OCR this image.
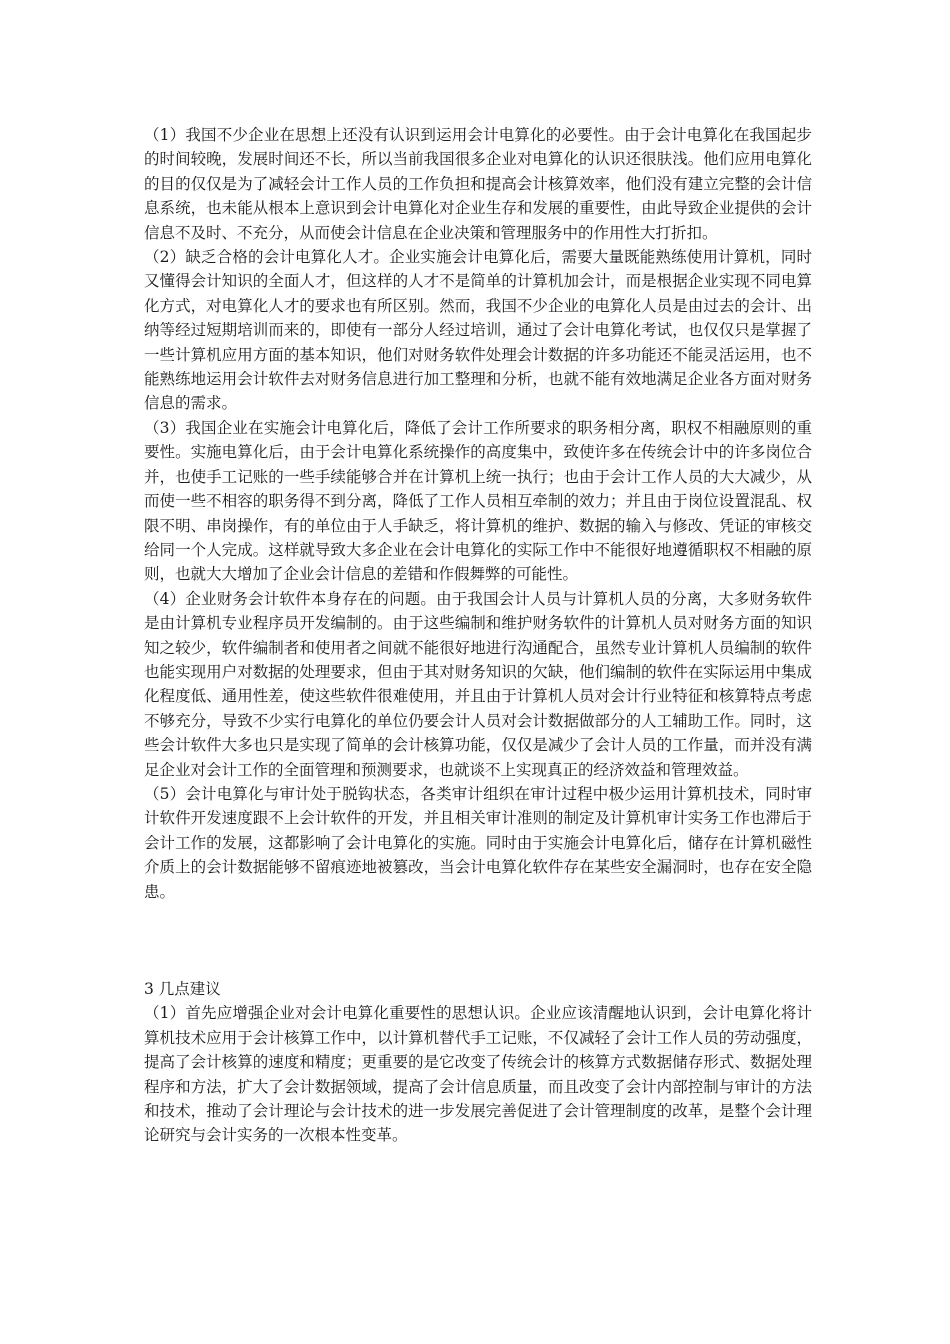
（1）我国不少企业在思想上还没有认识到运用会计电算化的必要性。由于会计电算化在我国起步的时间较晚，发展时间还不长，所以当前我国很多企业对电算化的认识还很肤浅。他们应用电算化的目的仅仅是为了减轻会计工作人员的工作负担和提高会计核算效率，他们没有建立完整的会计信息系统，也未能从根本上意识到会计电算化对企业生存和发展的重要性，由此导致企业提供的会计信息不及时、不充分，从而使会计信息在企业决策和管理服务中的作用性大打折扣。

（2）缺乏合格的会计电算化人才。企业实施会计电算化后，需要大量既能熟练使用计算机，同时又懂得会计知识的全面人才，但这样的人才不是简单的计算机加会计，而是根据企业实现不同电算化方式，对电算化人才的要求也有所区别。然而，我国不少企业的电算化人员是由过去的会计、出纳等经过短期培训而来的，即使有一部分人经过培训，通过了会计电算化考试，也仅仅只是掌握了一些计算机应用方面的基本知识，他们对财务软件处理会计数据的许多功能还不能灵活运用，也不能熟练地运用会计软件去对财务信息进行加工整理和分析，也就不能有效地满足企业各方面对财务信息的需求。

（3）我国企业在实施会计电算化后，降低了会计工作所要求的职务相分离，职权不相融原则的重要性。实施电算化后，由于会计电算化系统操作的高度集中，致使许多在传统会计中的许多岗位合并，也使手工记账的一些手续能够合并在计算机上统一执行；也由于会计工作人员的大大减少，从而使一些不相容的职务得不到分离，降低了工作人员相互牵制的效力；并且由于岗位设置混乱、权限不明、串岗操作，有的单位由于人手缺乏，将计算机的维护、数据的输入与修改、凭证的审核交给同一个人完成。这样就导致大多企业在会计电算化的实际工作中不能很好地遵循职权不相融的原则，也就大大增加了企业会计信息的差错和作假舞弊的可能性。

（4）企业财务会计软件本身存在的问题。由于我国会计人员与计算机人员的分离，大多财务软件是由计算机专业程序员开发编制的。由于这些编制和维护财务软件的计算机人员对财务方面的知识知之较少，软件编制者和使用者之间就不能很好地进行沟通配合，虽然专业计算机人员编制的软件也能实现用户对数据的处理要求，但由于其对财务知识的欠缺，他们编制的软件在实际运用中集成化程度低、通用性差，使这些软件很难使用，并且由于计算机人员对会计行业特征和核算特点考虑不够充分，导致不少实行电算化的单位仍要会计人员对会计数据做部分的人工辅助工作。同时，这些会计软件大多也只是实现了简单的会计核算功能，仅仅是减少了会计人员的工作量，而并没有满足企业对会计工作的全面管理和预测要求，也就谈不上实现真正的经济效益和管理效益。

（5）会计电算化与审计处于脱钩状态，各类审计组织在审计过程中极少运用计算机技术，同时审计软件开发速度跟不上会计软件的开发，并且相关审计准则的制定及计算机审计实务工作也滞后于会计工作的发展，这都影响了会计电算化的实施。同时由于实施会计电算化后，储存在计算机磁性介质上的会计数据能够不留痕迹地被篡改，当会计电算化软件存在某些安全漏洞时，也存在安全隐患。

3 几点建议

（1）首先应增强企业对会计电算化重要性的思想认识。企业应该清醒地认识到，会计电算化将计算机技术应用于会计核算工作中，以计算机替代手工记账，不仅减轻了会计工作人员的劳动强度，提高了会计核算的速度和精度；更重要的是它改变了传统会计的核算方式数据储存形式、数据处理程序和方法，扩大了会计数据领域，提高了会计信息质量，而且改变了会计内部控制与审计的方法和技术，推动了会计理论与会计技术的进一步发展完善促进了会计管理制度的改革，是整个会计理论研究与会计实务的一次根本性变革。
